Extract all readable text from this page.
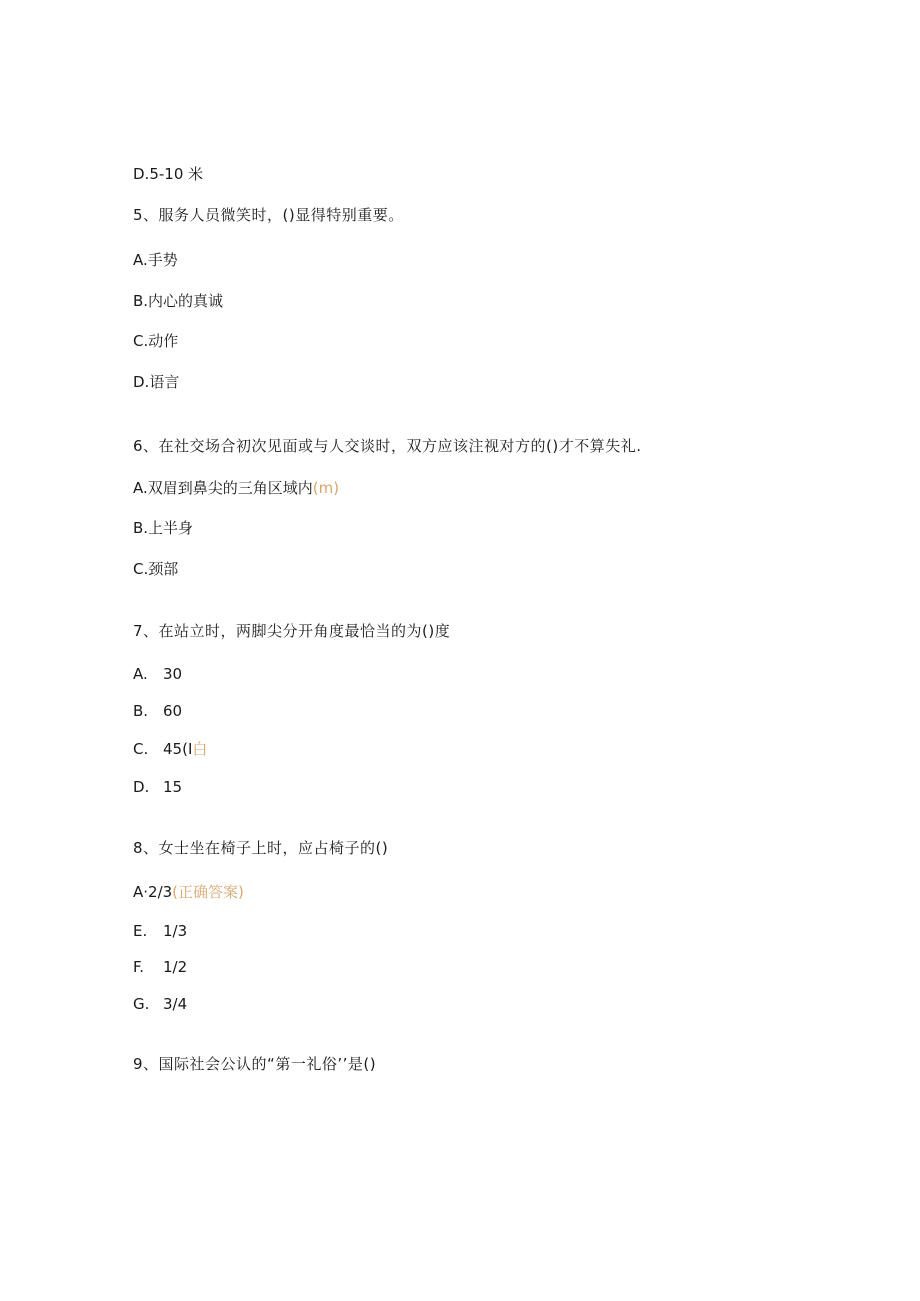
D.5-10 米
5、服务人员微笑时，()显得特别重要。
A.手势
B.内心的真诚
C.动作
D.语言
6、在社交场合初次见面或与人交谈时，双方应该注视对方的()才不算失礼.
A.双眉到鼻尖的三角区域内(m)
B.上半身
C.颈部
7、在站立时，两脚尖分开角度最恰当的为()度
A. 30
B. 60
C. 45(I白
D. 15
8、女士坐在椅子上时，应占椅子的()
A·2/3(正确答案)
E. 1/3
F. 1/2
G. 3/4
9、国际社会公认的“第一礼俗’’是()
